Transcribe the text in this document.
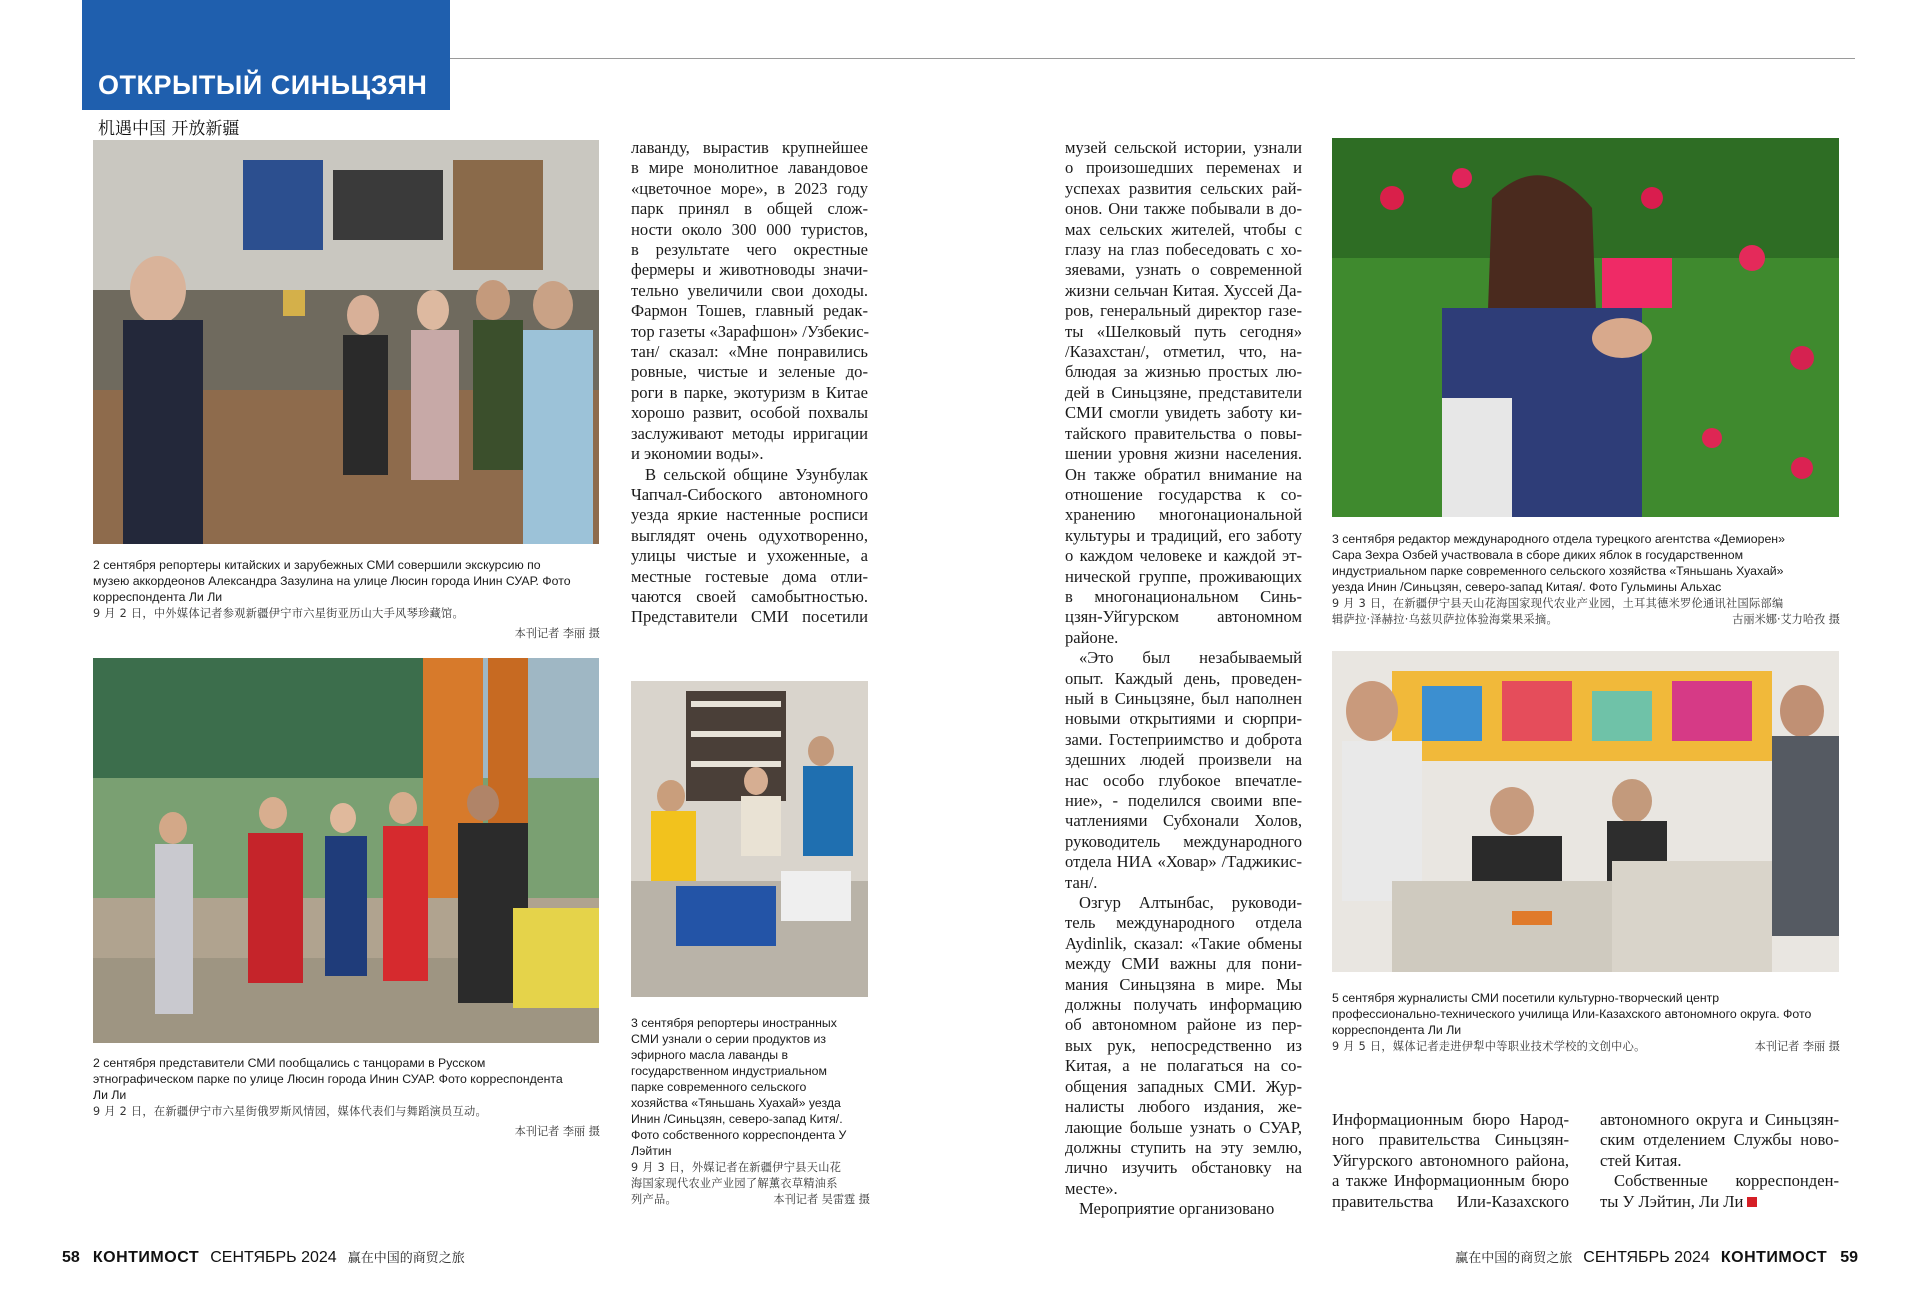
ОТКРЫТЫЙ СИНЬЦЗЯН
机遇中国 开放新疆
2 сентября репортеры китайских и зарубежных СМИ совершили экскурсию по
музею аккордеонов Александра Зазулина на улице Люсин города Инин СУАР. Фото
корреспондента Ли Ли
9 月 2 日，中外媒体记者参观新疆伊宁市六星街亚历山大手风琴珍藏馆。
本刊记者 李丽 摄
2 сентября представители СМИ пообщались с танцорами в Русском
этнографическом парке по улице Люсин города Инин СУАР. Фото корреспондента
Ли Ли
9 月 2 日，在新疆伊宁市六星街俄罗斯风情园，媒体代表们与舞蹈演员互动。
本刊记者 李丽 摄
лаванду, вырастив крупнейшее
в мире монолитное лавандовое
«цветочное море», в 2023 году
парк принял в общей слож-
ности около 300 000 туристов,
в результате чего окрестные
фермеры и животноводы значи-
тельно увеличили свои доходы.
Фармон Тошев, главный редак-
тор газеты «Зарафшон» /Узбекис-
тан/ сказал: «Мне понравились
ровные, чистые и зеленые до-
роги в парке, экотуризм в Китае
хорошо развит, особой похвалы
заслуживают методы ирригации
и экономии воды».
В сельской общине Узунбулак
Чапчал-Сибоского автономного
уезда яркие настенные росписи
выглядят очень одухотворенно,
улицы чистые и ухоженные, а
местные гостевые дома отли-
чаются своей самобытностью.
Представители СМИ посетили
3 сентября репортеры иностранных
СМИ узнали о серии продуктов из
эфирного масла лаванды в
государственном индустриальном
парке современного сельского
хозяйства «Тяньшань Хуахай» уезда
Инин /Синьцзян, северо-запад Китя/.
Фото собственного корреспондента У
Лэйтин
9 月 3 日，外媒记者在新疆伊宁县天山花
海国家现代农业产业园了解薰衣草精油系
列产品。	本刊记者 吴雷霆 摄
музей сельской истории, узнали
о произошедших переменах и
успехах развития сельских рай-
онов. Они также побывали в до-
мах сельских жителей, чтобы с
глазу на глаз побеседовать с хо-
зяевами, узнать о современной
жизни сельчан Китая. Хуссей Да-
ров, генеральный директор газе-
ты «Шелковый путь сегодня»
/Казахстан/, отметил, что, на-
блюдая за жизнью простых лю-
дей в Синьцзяне, представители
СМИ смогли увидеть заботу ки-
тайского правительства о повы-
шении уровня жизни населения.
Он также обратил внимание на
отношение государства к со-
хранению многонациональной
культуры и традиций, его заботу
о каждом человеке и каждой эт-
нической группе, проживающих
в многонациональном Синь-
цзян-Уйгурском автономном
районе.
«Это был незабываемый
опыт. Каждый день, проведен-
ный в Синьцзяне, был наполнен
новыми открытиями и сюрпри-
зами. Гостеприимство и доброта
здешних людей произвели на
нас особо глубокое впечатле-
ние», - поделился своими впе-
чатлениями Субхонали Холов,
руководитель международного
отдела НИА «Ховар» /Таджикис-
тан/.
Озгур Алтынбас, руководи-
тель международного отдела
Aydinlik, сказал: «Такие обмены
между СМИ важны для пони-
мания Синьцзяна в мире. Мы
должны получать информацию
об автономном районе из пер-
вых рук, непосредственно из
Китая, а не полагаться на со-
общения западных СМИ. Жур-
налисты любого издания, же-
лающие больше узнать о СУАР,
должны ступить на эту землю,
лично изучить обстановку на
месте».
Мероприятие организовано
3 сентября редактор международного отдела турецкого агентства «Демиорен»
Сара Зехра Озбей участвовала в сборе диких яблок в государственном
индустриальном парке современного сельского хозяйства «Тяньшань Хуахай»
уезда Инин /Синьцзян, северо-запад Китая/. Фото Гульмины Альхас
9 月 3 日，在新疆伊宁县天山花海国家现代农业产业园，土耳其德米罗伦通讯社国际部编
辑萨拉·泽赫拉·乌兹贝萨拉体验海棠果采摘。	古丽米娜·艾力哈孜 摄
5 сентября журналисты СМИ посетили культурно-творческий центр
профессионально-технического училища Или-Казахского автономного округа. Фото
корреспондента Ли Ли
9 月 5 日，媒体记者走进伊犁中等职业技术学校的文创中心。	本刊记者 李丽 摄
Информационным бюро Народ-
ного правительства Синьцзян-
Уйгурского автономного района,
а также Информационным бюро
правительства Или-Казахского
автономного округа и Синьцзян-
ским отделением Службы ново-
стей Китая.
Собственные корреспонден-
ты У Лэйтин, Ли Ли
58 КОНТИМОСТ СЕНТЯБРЬ 2024 赢在中国的商贸之旅	赢在中国的商贸之旅 СЕНТЯБРЬ 2024 КОНТИМОСТ 59
